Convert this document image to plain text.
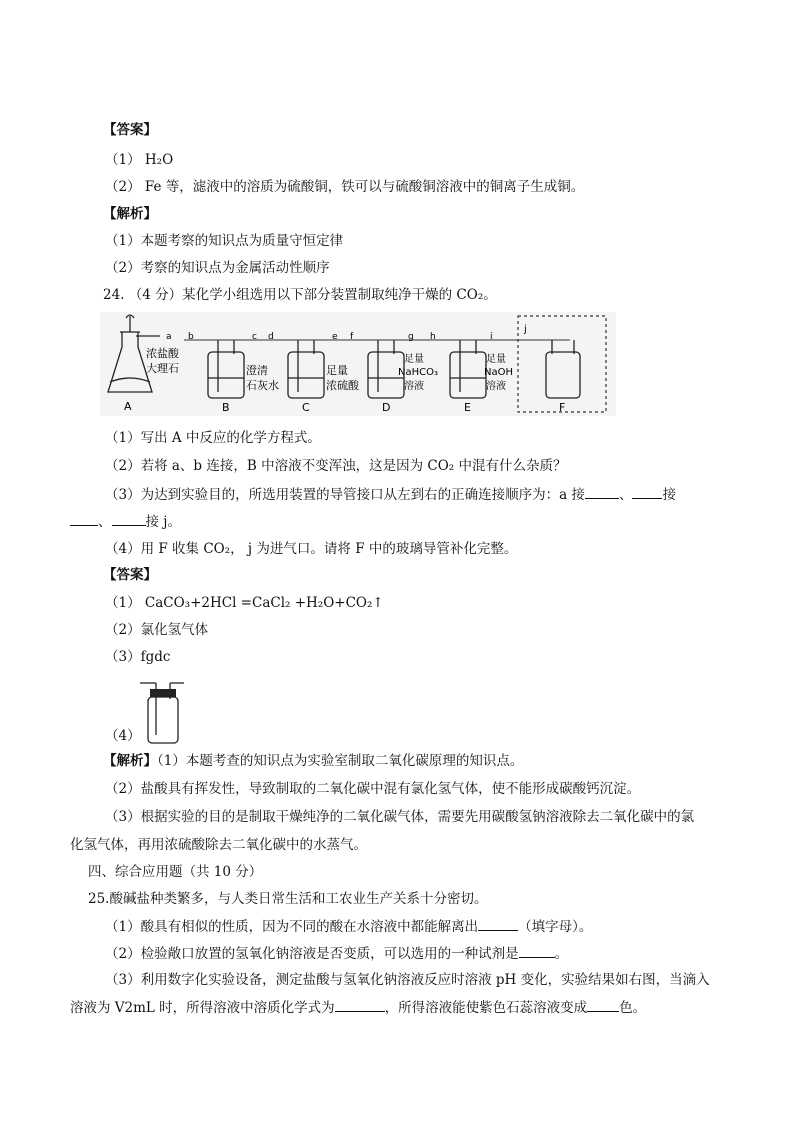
【答案】
（1） H₂O
（2） Fe 等，滤液中的溶质为硫酸铜，铁可以与硫酸铜溶液中的铜离子生成铜。
【解析】
（1）本题考察的知识点为质量守恒定律
（2）考察的知识点为金属活动性顺序
24. （4 分）某化学小组选用以下部分装置制取纯净干燥的 CO₂。
a
浓盐酸
大理石
A
b	c
澄清
石灰水
B
d	e
足量
浓硫酸
C
f	g
足量
NaHCO₃
溶液
D
h	i
足量
NaOH
溶液
E
j
F
（1）写出 A 中反应的化学方程式。
（2）若将 a、b 连接，B 中溶液不变浑浊，这是因为 CO₂ 中混有什么杂质？
（3）为达到实验目的，所选用装置的导管接口从左到右的正确连接顺序为：a 接	、 接
、	接 j。
（4）用 F 收集 CO₂， j 为进气口。请将 F 中的玻璃导管补化完整。
【答案】
（1） CaCO₃+2HCl =CaCl₂ +H₂O+CO₂↑
（2）氯化氢气体
（3）fgdc
（4）
【解析】（1）本题考查的知识点为实验室制取二氧化碳原理的知识点。
（2）盐酸具有挥发性，导致制取的二氧化碳中混有氯化氢气体，使不能形成碳酸钙沉淀。
（3）根据实验的目的是制取干燥纯净的二氧化碳气体，需要先用碳酸氢钠溶液除去二氧化碳中的氯
化氢气体，再用浓硫酸除去二氧化碳中的水蒸气。
四、综合应用题（共 10 分）
25.酸碱盐种类繁多，与人类日常生活和工农业生产关系十分密切。
（1）酸具有相似的性质，因为不同的酸在水溶液中都能解离出	（填字母）。
（2）检验敞口放置的氢氧化钠溶液是否变质，可以选用的一种试剂是	。
（3）利用数字化实验设备，测定盐酸与氢氧化钠溶液反应时溶液 pH 变化，实验结果如右图，当滴入
溶液为 V2mL 时，所得溶液中溶质化学式为	，所得溶液能使紫色石蕊溶液变成 色。
